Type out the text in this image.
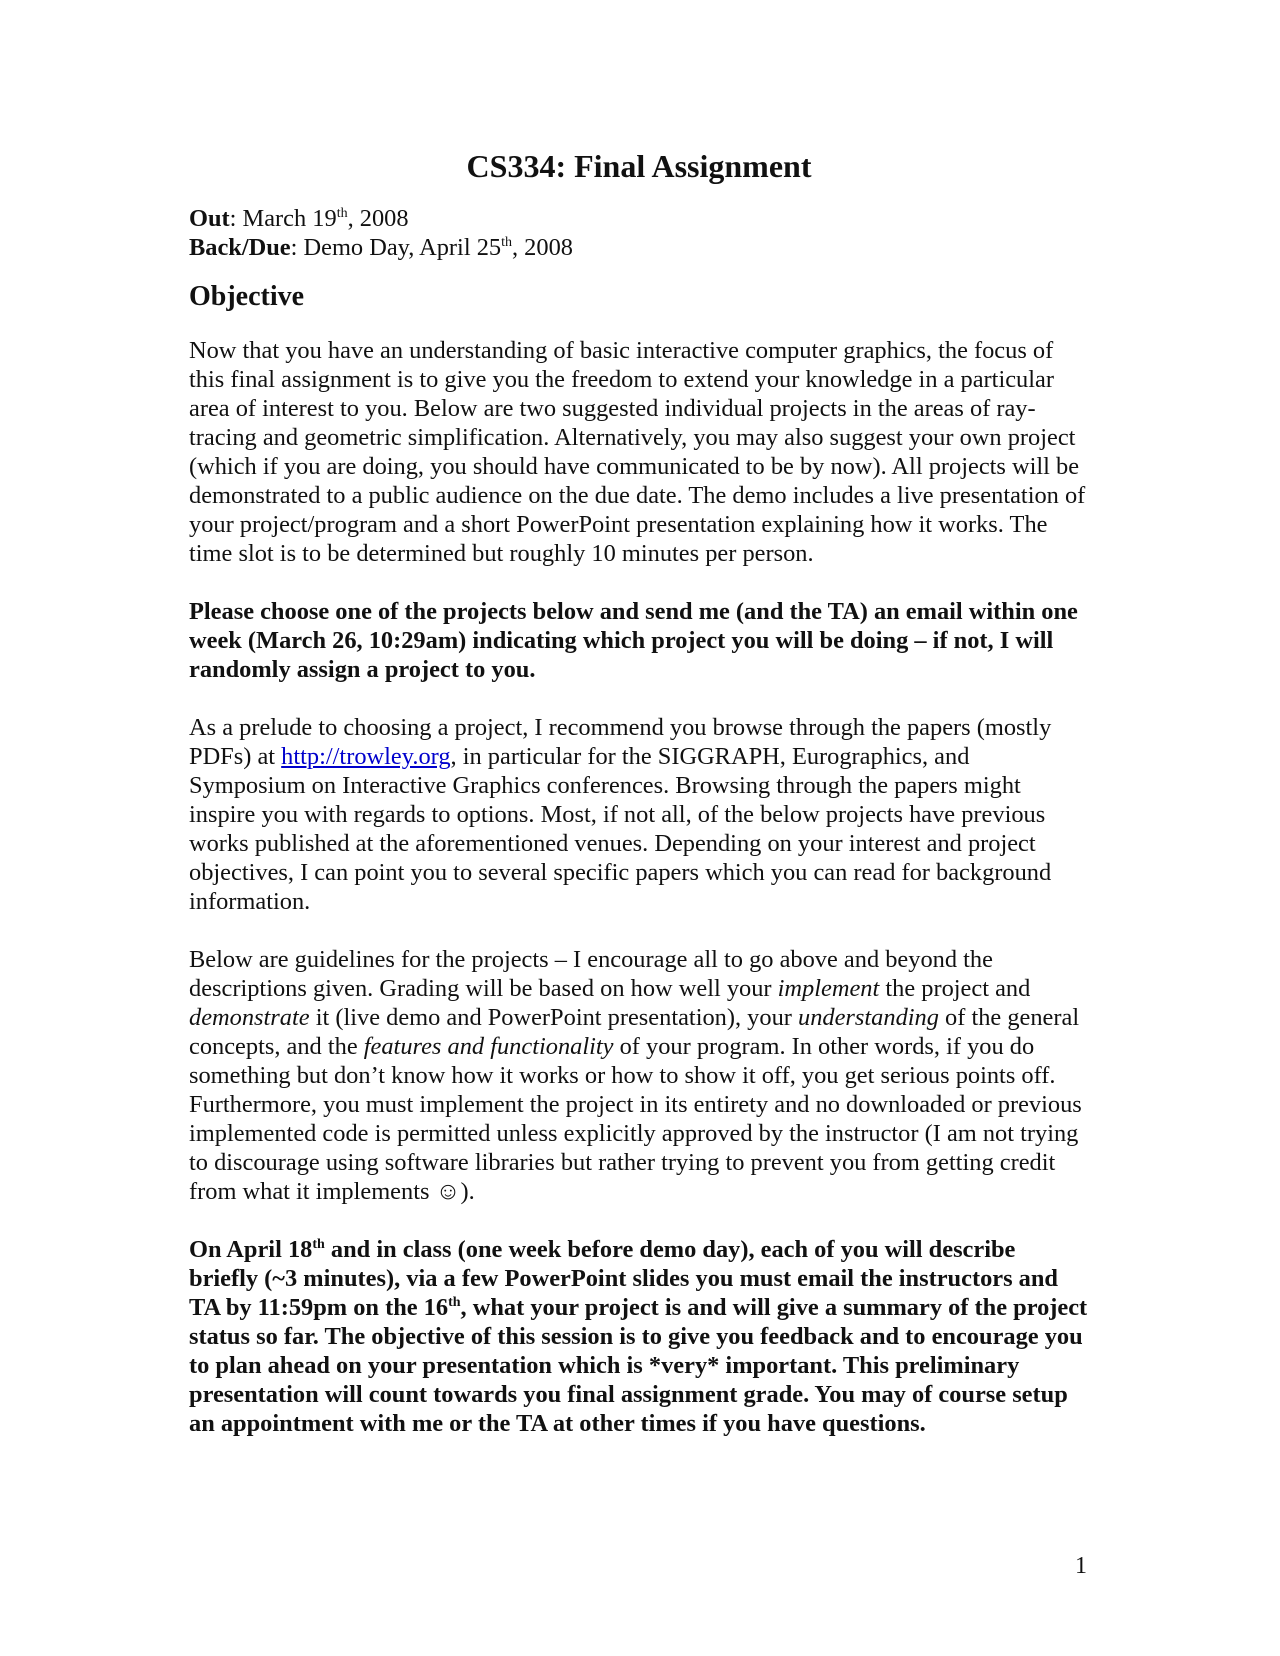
CS334: Final Assignment

Out: March 19th, 2008

Back/Due: Demo Day, April 25th, 2008

Objective

Now that you have an understanding of basic interactive computer graphics, the focus of this final assignment is to give you the freedom to extend your knowledge in a particular area of interest to you. Below are two suggested individual projects in the areas of ray-tracing and geometric simplification. Alternatively, you may also suggest your own project (which if you are doing, you should have communicated to be by now). All projects will be demonstrated to a public audience on the due date. The demo includes a live presentation of your project/program and a short PowerPoint presentation explaining how it works. The time slot is to be determined but roughly 10 minutes per person.

Please choose one of the projects below and send me (and the TA) an email within one week (March 26, 10:29am) indicating which project you will be doing – if not, I will randomly assign a project to you.

As a prelude to choosing a project, I recommend you browse through the papers (mostly PDFs) at http://trowley.org, in particular for the SIGGRAPH, Eurographics, and Symposium on Interactive Graphics conferences. Browsing through the papers might inspire you with regards to options. Most, if not all, of the below projects have previous works published at the aforementioned venues. Depending on your interest and project objectives, I can point you to several specific papers which you can read for background information.

Below are guidelines for the projects – I encourage all to go above and beyond the descriptions given. Grading will be based on how well your implement the project and demonstrate it (live demo and PowerPoint presentation), your understanding of the general concepts, and the features and functionality of your program. In other words, if you do something but don’t know how it works or how to show it off, you get serious points off. Furthermore, you must implement the project in its entirety and no downloaded or previous implemented code is permitted unless explicitly approved by the instructor (I am not trying to discourage using software libraries but rather trying to prevent you from getting credit from what it implements ☺).

On April 18th and in class (one week before demo day), each of you will describe briefly (~3 minutes), via a few PowerPoint slides you must email the instructors and TA by 11:59pm on the 16th, what your project is and will give a summary of the project status so far. The objective of this session is to give you feedback and to encourage you to plan ahead on your presentation which is *very* important. This preliminary presentation will count towards you final assignment grade. You may of course setup an appointment with me or the TA at other times if you have questions.

1
